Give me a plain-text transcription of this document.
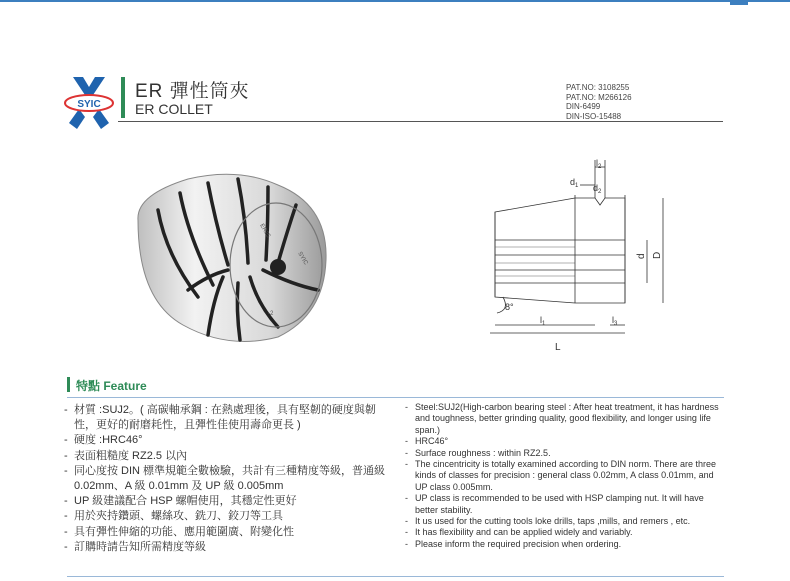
SYIC
ER 彈性筒夾
ER COLLET
PAT.NO: 3108255
PAT.NO: M266126
DIN-6499
DIN-ISO-15488
ER25
SYIC
-2
$l_2$
$d_1$ $d_2$
d D
8°
$l_1$	$l_3$
L
特點 Feature
- 材質 :SUJ2。( 高碳軸承鋼 : 在熱處理後，具有堅韌的硬度與韌性，更好的耐磨耗性，且彈性佳使用壽命更長 )
- 硬度 :HRC46°
- 表面粗糙度 RZ2.5 以內
- 同心度按 DIN 標準規範全數檢驗，共計有三種精度等級，普通級 0.02mm、A 級 0.01mm 及 UP 級 0.005mm
- UP 級建議配合 HSP 螺帽使用，其穩定性更好
- 用於夾持鑽頭、螺絲攻、銑刀、鉸刀等工具
- 具有彈性伸縮的功能、應用範圍廣、附變化性
- 訂購時請告知所需精度等級
- Steel:SUJ2(High-carbon bearing steel : After heat treatment, it has hardness and toughness, better grinding quality, good flexibility, and longer using life span.)
- HRC46°
- Surface roughness : within RZ2.5.
- The cincentricity is totally examined according to DIN norm. There are three kinds of classes for precision : general class 0.02mm, A class 0.01mm, and UP class 0.005mm.
- UP class is recommended to be used with HSP clamping nut. It will have better stability.
- It us used for the cutting tools loke drills, taps ,mills, and remers , etc.
- It has flexibility and can be applied widely and variably.
- Please inform the required precision when ordering.
